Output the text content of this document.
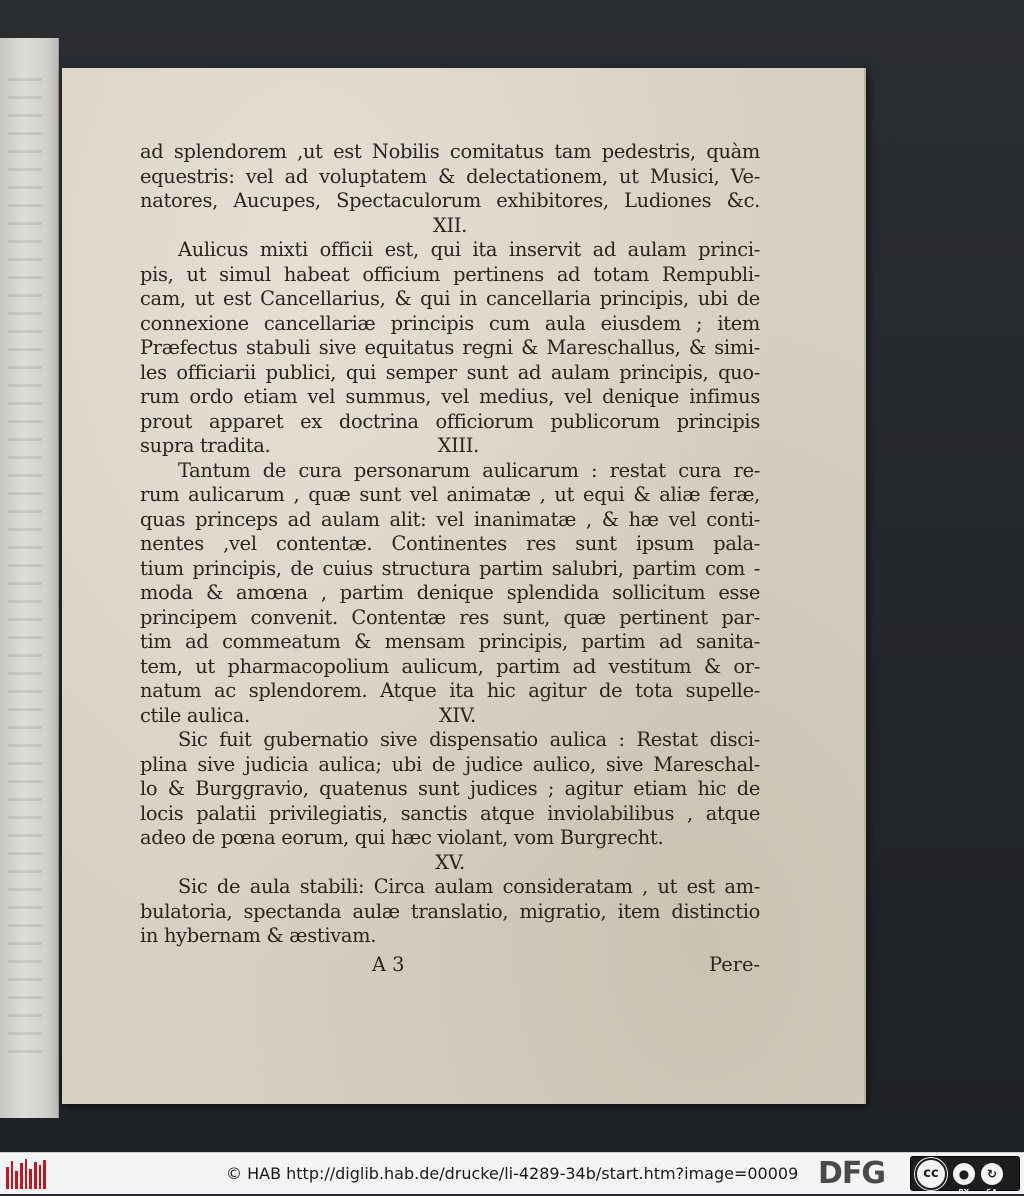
ad splendorem ,ut est Nobilis comitatus tam pedestris, quàm
equestris: vel ad voluptatem & delectationem, ut Musici, Ve-
natores, Aucupes, Spectaculorum exhibitores, Ludiones &c.
XII.
Aulicus mixti officii est, qui ita inservit ad aulam princi-
pis, ut simul habeat officium pertinens ad totam Rempubli-
cam, ut est Cancellarius, & qui in cancellaria principis, ubi de
connexione cancellariæ principis cum aula eiusdem ; item
Præfectus stabuli sive equitatus regni & Mareschallus, & simi-
les officiarii publici, qui semper sunt ad aulam principis, quo-
rum ordo etiam vel summus, vel medius, vel denique infimus
prout apparet ex doctrina officiorum publicorum principis
supra tradita.	XIII.
Tantum de cura personarum aulicarum : restat cura re-
rum aulicarum , quæ sunt vel animatæ , ut equi & aliæ feræ,
quas princeps ad aulam alit: vel inanimatæ , & hæ vel conti-
nentes ,vel contentæ. Continentes res sunt ipsum pala-
tium principis, de cuius structura partim salubri, partim com -
moda & amœna , partim denique splendida sollicitum esse
principem convenit. Contentæ res sunt, quæ pertinent par-
tim ad commeatum & mensam principis, partim ad sanita-
tem, ut pharmacopolium aulicum, partim ad vestitum & or-
natum ac splendorem. Atque ita hic agitur de tota supelle-
ctile aulica.	XIV.
Sic fuit gubernatio sive dispensatio aulica : Restat disci-
plina sive judicia aulica; ubi de judice aulico, sive Mareschal-
lo & Burggravio, quatenus sunt judices ; agitur etiam hic de
locis palatii privilegiatis, sanctis atque inviolabilibus , atque
adeo de pœna eorum, qui hæc violant, vom Burgrecht.
XV.
Sic de aula stabili: Circa aulam consideratam , ut est am-
bulatoria, spectanda aulæ translatio, migratio, item distinctio
in hybernam & æstivam.
A 3	Pere-
© HAB http://diglib.hab.de/drucke/li-4289-34b/start.htm?image=00009 DFG	cc	●
BY
↻
SA
